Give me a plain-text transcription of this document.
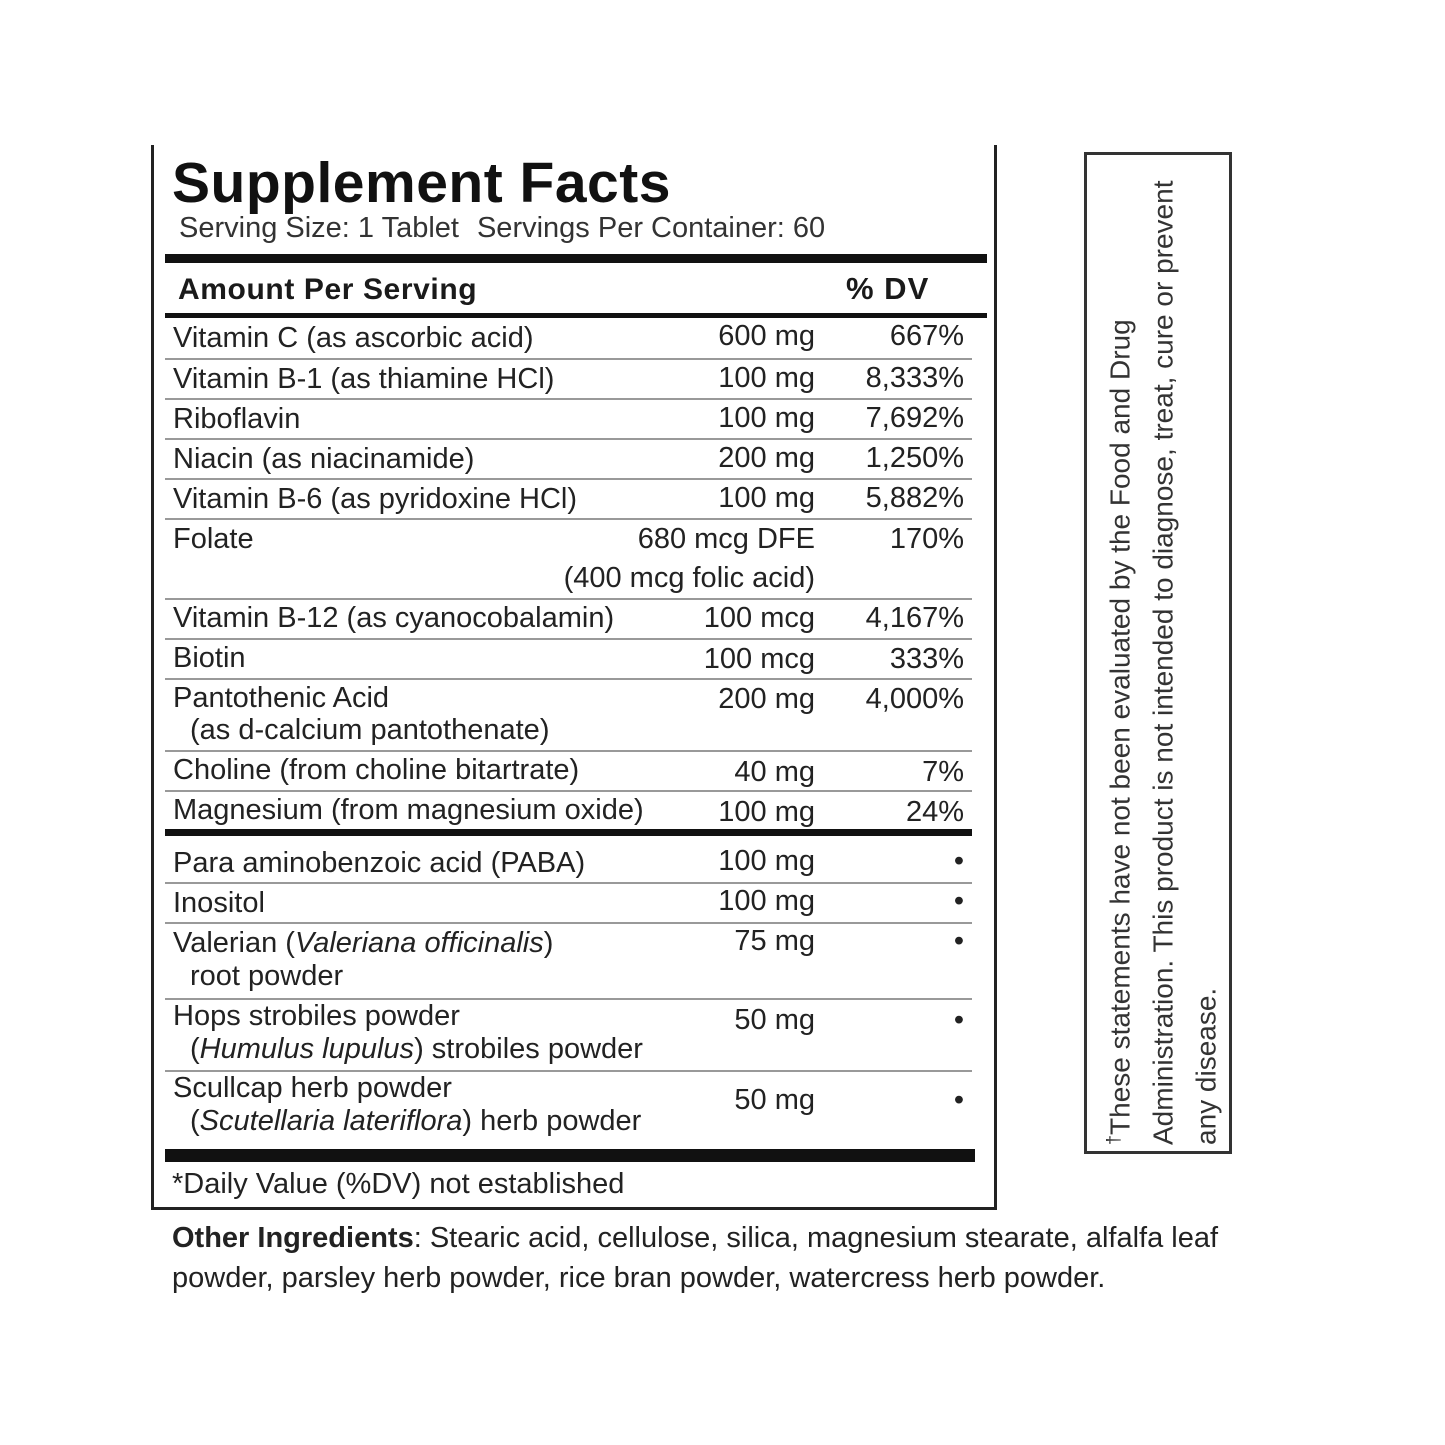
Supplement Facts
Serving Size: 1 Tablet Servings Per Container: 60
Amount Per Serving	% DV
Vitamin C (as ascorbic acid)	600 mg	667%
Vitamin B-1 (as thiamine HCl)	100 mg 8,333%
Riboflavin	100 mg 7,692%
Niacin (as niacinamide)	200 mg 1,250%
Vitamin B-6 (as pyridoxine HCl)	100 mg 5,882%
Folate	680 mcg DFE
(400 mcg folic acid)
170%
Vitamin B-12 (as cyanocobalamin)	100 mcg 4,167%
Biotin	100 mcg	333%
Pantothenic Acid
(as d-calcium pantothenate)
200 mg 4,000%
Choline (from choline bitartrate)	40 mg	7%
Magnesium (from magnesium oxide)	100 mg	24%
Para aminobenzoic acid (PABA)	100 mg	•
Inositol	100 mg	•
Valerian (Valeriana officinalis)
root powder
75 mg	•
Hops strobiles powder
(Humulus lupulus) strobiles powder
50 mg	•
Scullcap herb powder
(Scutellaria lateriflora) herb powder
50 mg	•
*Daily Value (%DV) not established
Other Ingredients: Stearic acid, cellulose, silica, magnesium stearate, alfalfa leaf powder, parsley herb powder, rice bran powder, watercress herb powder.
†These statements have not been evaluated by the Food and Drug Administration. This product is not intended to diagnose, treat, cure or prevent any disease.
